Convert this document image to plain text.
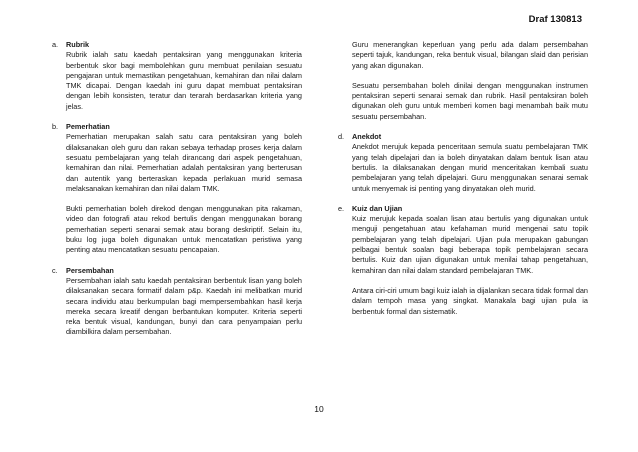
Draf 130813
a.	Rubrik

Rubrik ialah satu kaedah pentaksiran yang menggunakan kriteria berbentuk skor bagi membolehkan guru membuat penilaian sesuatu pengajaran untuk memastikan pengetahuan, kemahiran dan nilai dalam TMK dicapai. Dengan kaedah ini guru dapat membuat pentaksiran dengan lebih konsisten, teratur dan terarah berdasarkan kriteria yang jelas.

b.	Pemerhatian

Pemerhatian merupakan salah satu cara pentaksiran yang boleh dilaksanakan oleh guru dan rakan sebaya terhadap proses kerja dalam sesuatu pembelajaran yang telah dirancang dari aspek pengetahuan, kemahiran dan nilai. Pemerhatian adalah pentaksiran yang berterusan dan autentik yang berteraskan kepada perlakuan murid semasa melaksanakan kemahiran dan nilai dalam TMK.

Bukti pemerhatian boleh direkod dengan menggunakan pita rakaman, video dan fotografi atau rekod bertulis dengan menggunakan borang pemerhatian seperti senarai semak atau borang deskriptif. Selain itu, buku log juga boleh digunakan untuk mencatatkan peristiwa yang penting atau mencatatkan sesuatu pencapaian.

c.	Persembahan

Persembahan ialah satu kaedah pentaksiran berbentuk lisan yang boleh dilaksanakan secara formatif dalam p&p. Kaedah ini melibatkan murid secara individu atau berkumpulan bagi mempersembahkan hasil kerja mereka secara kreatif dengan berbantukan komputer. Kriteria seperti reka bentuk visual, kandungan, bunyi dan cara penyampaian perlu diambilkira dalam persembahan.

Guru menerangkan keperluan yang perlu ada dalam persembahan seperti tajuk, kandungan, reka bentuk visual, bilangan slaid dan perisian yang akan digunakan.

Sesuatu persembahan boleh dinilai dengan menggunakan instrumen pentaksiran seperti senarai semak dan rubrik. Hasil pentaksiran boleh digunakan oleh guru untuk memberi komen bagi menambah baik mutu sesuatu persembahan.

d.	Anekdot

Anekdot merujuk kepada penceritaan semula suatu pembelajaran TMK yang telah dipelajari dan ia boleh dinyatakan dalam bentuk lisan atau bertulis. Ia dilaksanakan dengan murid menceritakan kembali suatu pembelajaran yang telah dipelajari. Guru menggunakan senarai semak untuk menyemak isi penting yang dinyatakan oleh murid.

e.	Kuiz dan Ujian

Kuiz merujuk kepada soalan lisan atau bertulis yang digunakan untuk menguji pengetahuan atau kefahaman murid mengenai satu topik pembelajaran yang telah dipelajari. Ujian pula merupakan gabungan pelbagai bentuk soalan bagi beberapa topik pembelajaran secara bertulis. Kuiz dan ujian digunakan untuk menilai tahap pengetahuan, kemahiran dan nilai dalam standard pembelajaran TMK.

Antara ciri-ciri umum bagi kuiz ialah ia dijalankan secara tidak formal dan dalam tempoh masa yang singkat. Manakala bagi ujian pula ia berbentuk formal dan sistematik.

10
